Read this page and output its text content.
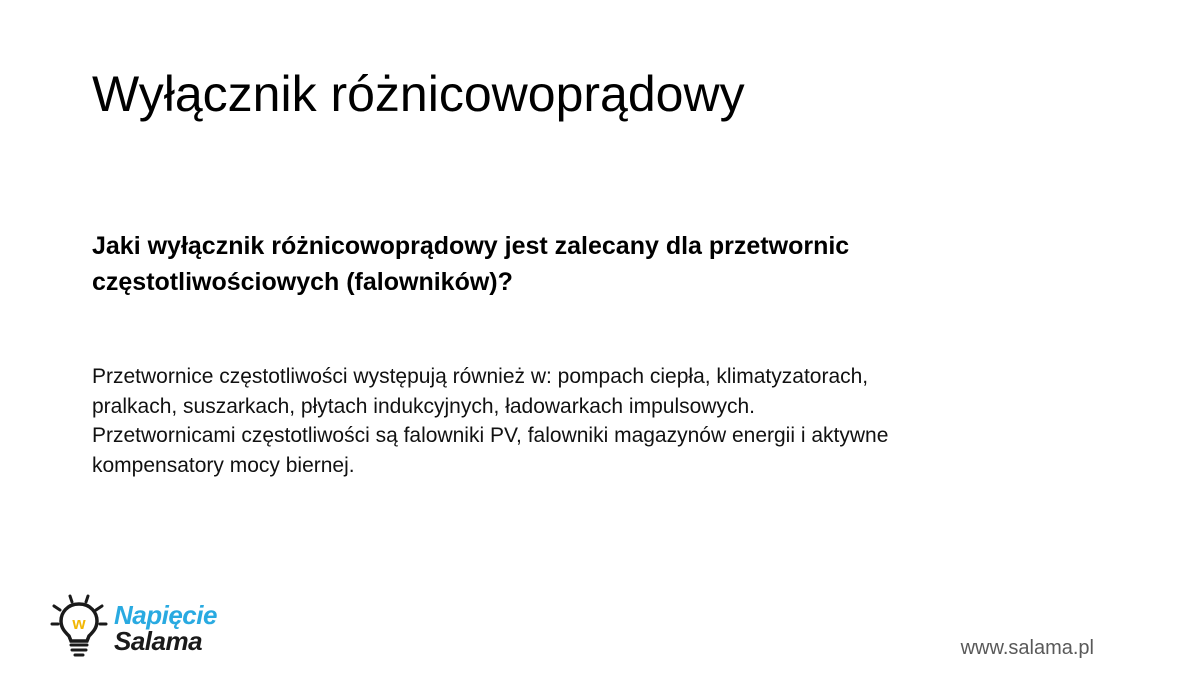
Wyłącznik różnicowoprądowy
Jaki wyłącznik różnicowoprądowy jest zalecany dla przetwornic
częstotliwościowych (falowników)?
Przetwornice częstotliwości występują również w: pompach ciepła, klimatyzatorach,
pralkach, suszarkach, płytach indukcyjnych, ładowarkach impulsowych.
Przetwornicami częstotliwości są falowniki PV, falowniki magazynów energii i aktywne
kompensatory mocy biernej.
w Napięcie
Salama	www.salama.pl
